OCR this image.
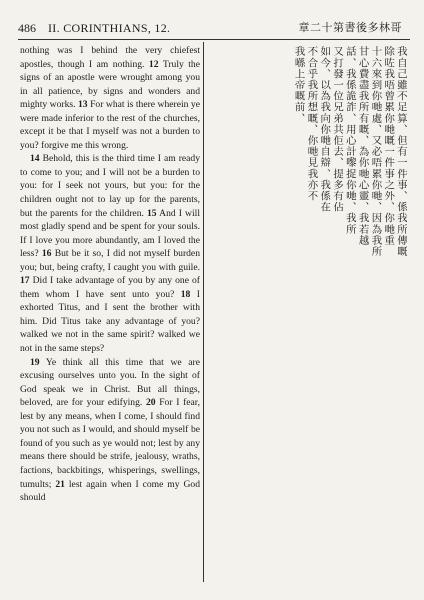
486 II. CORINTHIANS, 12.	哥林多後書第十二章

nothing was I behind the very chiefest apostles, though I am nothing. 12 Truly the signs of an apostle were wrought among you in all patience, by signs and wonders and mighty works. 13 For what is there wherein ye were made inferior to the rest of the churches, except it be that I myself was not a burden to you? forgive me this wrong.

14 Behold, this is the third time I am ready to come to you; and I will not be a burden to you: for I seek not yours, but you: for the children ought not to lay up for the parents, but the parents for the children. 15 And I will most gladly spend and be spent for your souls. If I love you more abundantly, am I loved the less? 16 But be it so, I did not myself burden you; but, being crafty, I caught you with guile. 17 Did I take advantage of you by any one of them whom I have sent unto you? 18 I exhorted Titus, and I sent the brother with him. Did Titus take any advantage of you? walked we not in the same spirit? walked we not in the same steps?

19 Ye think all this time that we are excusing ourselves unto you. In the sight of God speak we in Christ. But all things, beloved, are for your edifying. 20 For I fear, lest by any means, when I come, I should find you not such as I would, and should myself be found of you such as ye would not; lest by any means there should be strife, jealousy, wraths, factions, backbitings, whisperings, swellings, tumults; 21 lest again when I come my God should

我自己雖不足算、但有一件事、係我所傳嘅
除咗我唔曾累你哋嘅一件事之外、你哋重
十六來到你哋處、又必唔累你哋、因為我所
甘心費盡我所有嘅、為你哋心靈、我若越
話、我係詭詐、用心計嚟捉你哋、我所
又打發一位兄弟共佢去、提多有佔
如今、以為我向你哋自辯、我係在
不合乎我所想嘅、你哋見我亦不
我喺上帝嘅前、
